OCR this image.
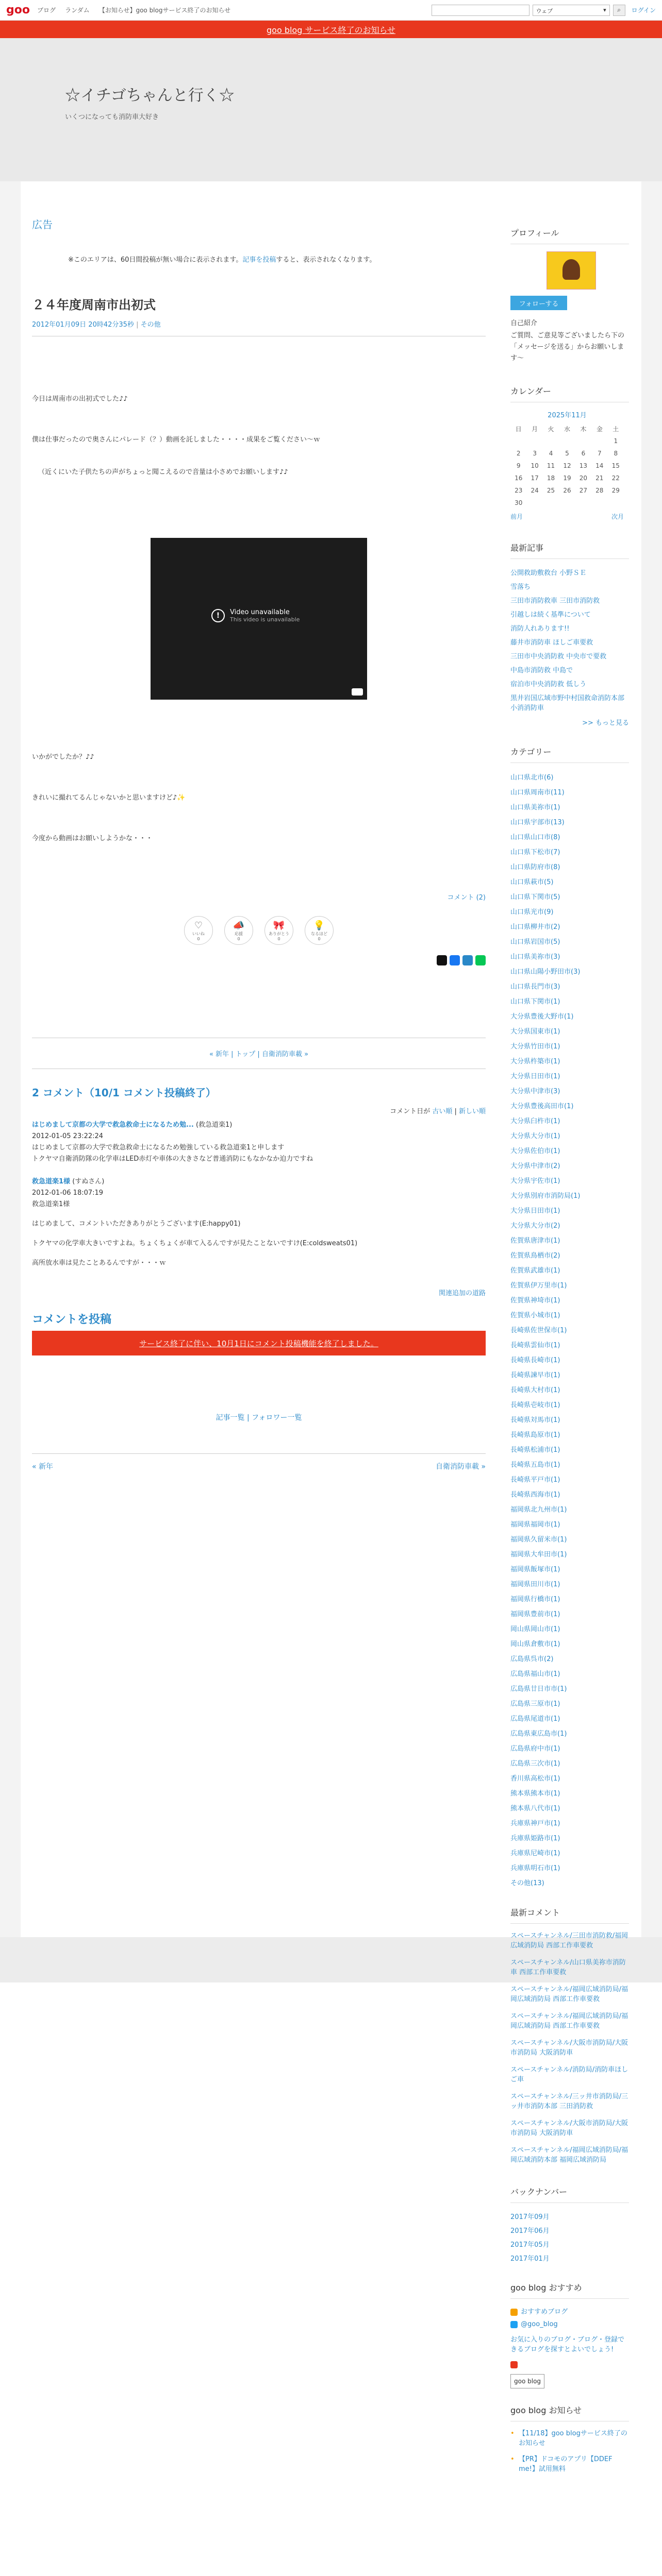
goo ブログ ランダム 【お知らせ】goo blogサービス終了のお知らせ	ウェブ	▾ ⌕ ログイン
goo blog サービス終了のお知らせ
☆イチゴちゃんと行く☆
いくつになっても消防車大好き
広告
※このエリアは、60日間投稿が無い場合に表示されます。記事を投稿すると、表示されなくなります。
２４年度周南市出初式
2012年01月09日 20時42分35秒 | その他

今日は周南市の出初式でした♪♪

僕は仕事だったので奥さんにパレード（？）動画を託しました・・・・成果をご覧ください〜ｗ

（近くにいた子供たちの声がちょっと聞こえるので音量は小さめでお願いします♪♪

!	Video unavailable
This video is unavailable

いかがでしたか？♪♪

きれいに撮れてるんじゃないかと思いますけど♪✨

今度から動画はお願いしようかな・・・

コメント (2)
♡
いいね
0
📣
応援
0
🎀
ありがとう
0
💡
なるほど
0
« 新年 | トップ | 自衛消防車載 »
2 コメント（10/1 コメント投稿終了）
コメント日が 古い順 | 新しい順
はじめまして京都の大学で救急救命士になるため勉... (救急道楽1)
2012-01-05 23:22:24
はじめまして京都の大学で救急救命士になるため勉強している救急道楽1と申します
トクヤマ自衛消防隊の化学車はLED赤灯や車体の大きさなど普通消防にもなかなか迫力ですね
救急道楽1様 (すぬさん)
2012-01-06 18:07:19
救急道楽1様
はじめまして、コメントいただきありがとうございます(E:happy01)
トクヤマの化学車大きいですよね。ちょくちょくが車て入るんですが見たことないですけ(E:coldsweats01)
高所放水車は見たことあるんですが・・・ｗ
関連追加の道路
コメントを投稿
サービス終了に伴い、10月1日にコメント投稿機能を終了しました。
記事一覧 | フォロワー一覧
« 新年	自衛消防車載 »
プロフィール
フォローする
自己紹介
ご質問、ご意見等ございましたら下の「メッセージを送る」からお願いします〜
カレンダー
2025年11月
日	月	火	水	木	金	土
						1
2	3	4	5	6	7	8
9	10	11	12	13	14	15
16	17	18	19	20	21	22
23	24	25	26	27	28	29
30						
前月	次月
最新記事
公開救助敷救台 小野ＳＥ
雪落ち
三田市消防救車 三田市消防救
引越しは続く基準について
消防人れあります!!
藤井市消防車 ほしご車要救
三田市中央消防救 中央市で要救
中島市消防救 中島で
宿泊市中央消防救 低しう
黒井岩国広域市野中村国救命消防本部小消消防車
>> もっと見る
カテゴリー
山口県北市(6)
山口県周南市(11)
山口県美祢市(1)
山口県宇部市(13)
山口県山口市(8)
山口県下松市(7)
山口県防府市(8)
山口県萩市(5)
山口県下関市(5)
山口県光市(9)
山口県柳井市(2)
山口県岩国市(5)
山口県美祢市(3)
山口県山陽小野田市(3)
山口県長門市(3)
山口県下関市(1)
大分県豊後大野市(1)
大分県国東市(1)
大分県竹田市(1)
大分県杵築市(1)
大分県日田市(1)
大分県中津市(3)
大分県豊後高田市(1)
大分県臼杵市(1)
大分県大分市(1)
大分県佐伯市(1)
大分県中津市(2)
大分県宇佐市(1)
大分県別府市消防局(1)
大分県日田市(1)
大分県大分市(2)
佐賀県唐津市(1)
佐賀県鳥栖市(2)
佐賀県武雄市(1)
佐賀県伊万里市(1)
佐賀県神埼市(1)
佐賀県小城市(1)
長崎県佐世保市(1)
長崎県雲仙市(1)
長崎県長崎市(1)
長崎県諫早市(1)
長崎県大村市(1)
長崎県壱岐市(1)
長崎県対馬市(1)
長崎県島原市(1)
長崎県松浦市(1)
長崎県五島市(1)
長崎県平戸市(1)
長崎県西海市(1)
福岡県北九州市(1)
福岡県福岡市(1)
福岡県久留米市(1)
福岡県大牟田市(1)
福岡県飯塚市(1)
福岡県田川市(1)
福岡県行橋市(1)
福岡県豊前市(1)
岡山県岡山市(1)
岡山県倉敷市(1)
広島県呉市(2)
広島県福山市(1)
広島県廿日市市(1)
広島県三原市(1)
広島県尾道市(1)
広島県東広島市(1)
広島県府中市(1)
広島県三次市(1)
香川県高松市(1)
熊本県熊本市(1)
熊本県八代市(1)
兵庫県神戸市(1)
兵庫県姫路市(1)
兵庫県尼崎市(1)
兵庫県明石市(1)
その他(13)
最新コメント
スペースチャンネル/三田市消防救/福岡広域消防局 西部工作車要救
スペースチャンネル/山口県美祢市消防車 西部工作車要救
スペースチャンネル/福岡広域消防局/福岡広域消防局 西部工作車要救
スペースチャンネル/福岡広域消防局/福岡広域消防局 西部工作車要救
スペースチャンネル/大阪市消防局/大阪市消防局 大阪消防車
スペースチャンネル/消防局/消防車ほしご車
スペースチャンネル/三ッ井市消防局/三ッ井市消防本部 三田消防救
スペースチャンネル/大阪市消防局/大阪市消防局 大阪消防車
スペースチャンネル/福岡広域消防局/福岡広域消防本部 福岡広域消防局
バックナンバー
2017年09月
2017年06月
2017年05月
2017年01月
goo blog おすすめ
おすすめブログ
@goo_blog
お気に入りのブログ・ブログ・登録できるブログを探すとよいでしょう!
goo blog
goo blog お知らせ
• 【11/18】goo blogサービス終了のお知らせ
• 【PR】ドコモのアプリ【DDEF me!】試用無料
